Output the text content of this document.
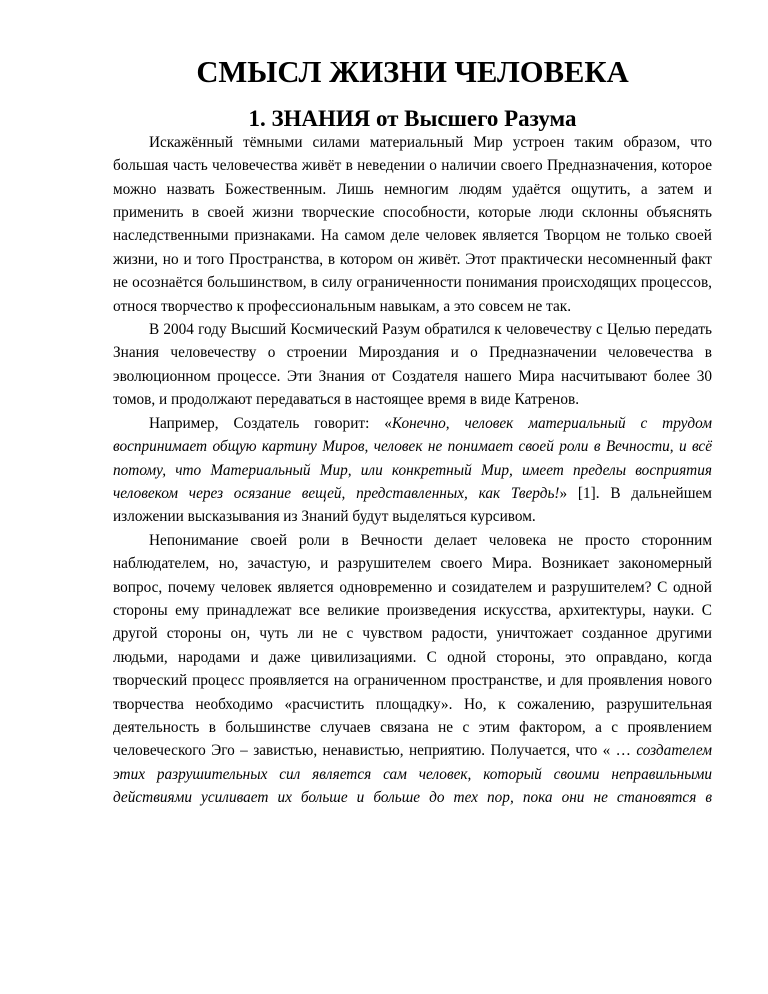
СМЫСЛ ЖИЗНИ ЧЕЛОВЕКА
1. ЗНАНИЯ от Высшего Разума

Искажённый тёмными силами материальный Мир устроен таким образом, что большая часть человечества живёт в неведении о наличии своего Предназначения, которое можно назвать Божественным. Лишь немногим людям удаётся ощутить, а затем и применить в своей жизни творческие способности, которые люди склонны объяснять наследственными признаками. На самом деле человек является Творцом не только своей жизни, но и того Пространства, в котором он живёт. Этот практически несомненный факт не осознаётся большинством, в силу ограниченности понимания происходящих процессов, относя творчество к профессиональным навыкам, а это совсем не так.

В 2004 году Высший Космический Разум обратился к человечеству с Целью передать Знания человечеству о строении Мироздания и о Предназначении человечества в эволюционном процессе. Эти Знания от Создателя нашего Мира насчитывают более 30 томов, и продолжают передаваться в настоящее время в виде Катренов.

Например, Создатель говорит: «Конечно, человек материальный с трудом воспринимает общую картину Миров, человек не понимает своей роли в Вечности, и всё потому, что Материальный Мир, или конкретный Мир, имеет пределы восприятия человеком через осязание вещей, представленных, как Твердь!» [1]. В дальнейшем изложении высказывания из Знаний будут выделяться курсивом.

Непонимание своей роли в Вечности делает человека не просто сторонним наблюдателем, но, зачастую, и разрушителем своего Мира. Возникает закономерный вопрос, почему человек является одновременно и созидателем и разрушителем? С одной стороны ему принадлежат все великие произведения искусства, архитектуры, науки. С другой стороны он, чуть ли не с чувством радости, уничтожает созданное другими людьми, народами и даже цивилизациями. С одной стороны, это оправдано, когда творческий процесс проявляется на ограниченном пространстве, и для проявления нового творчества необходимо «расчистить площадку». Но, к сожалению, разрушительная деятельность в большинстве случаев связана не с этим фактором, а с проявлением человеческого Эго – завистью, ненавистью, неприятию. Получается, что « … создателем этих разрушительных сил является сам человек, который своими неправильными действиями усиливает их больше и больше до тех пор, пока они не становятся в
